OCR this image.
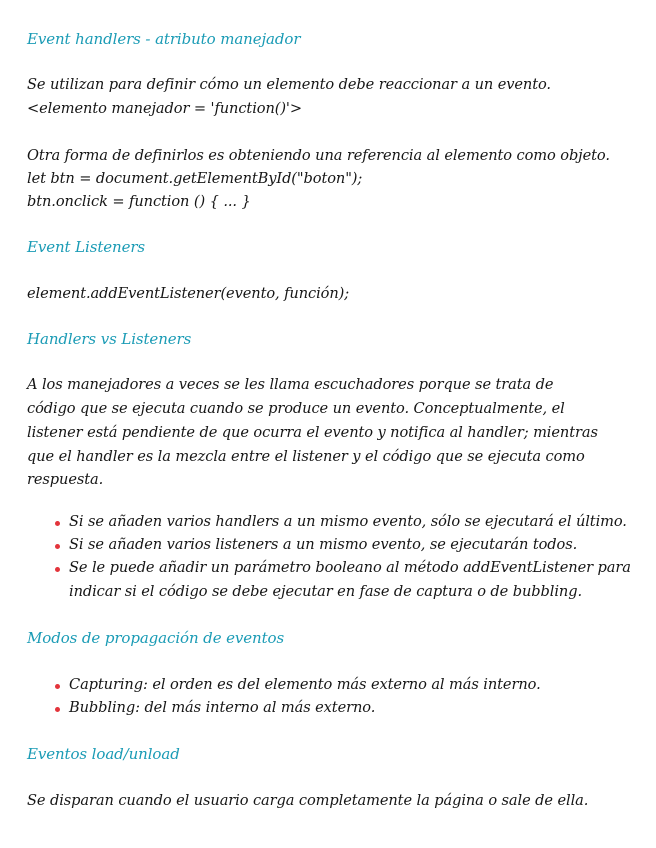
Event handlers - atributo manejador
Se utilizan para definir cómo un elemento debe reaccionar a un evento.
<elemento manejador = 'function()'>
Otra forma de definirlos es obteniendo una referencia al elemento como objeto.
let btn = document.getElementById("boton");
btn.onclick = function () { ... }
Event Listeners
element.addEventListener(evento, función);
Handlers vs Listeners
A los manejadores a veces se les llama escuchadores porque se trata de
código que se ejecuta cuando se produce un evento. Conceptualmente, el
listener está pendiente de que ocurra el evento y notifica al handler; mientras
que el handler es la mezcla entre el listener y el código que se ejecuta como
respuesta.
Si se añaden varios handlers a un mismo evento, sólo se ejecutará el último.
Si se añaden varios listeners a un mismo evento, se ejecutarán todos.
Se le puede añadir un parámetro booleano al método addEventListener para
indicar si el código se debe ejecutar en fase de captura o de bubbling.
Modos de propagación de eventos
Capturing: el orden es del elemento más externo al más interno.
Bubbling: del más interno al más externo.
Eventos load/unload
Se disparan cuando el usuario carga completamente la página o sale de ella.
